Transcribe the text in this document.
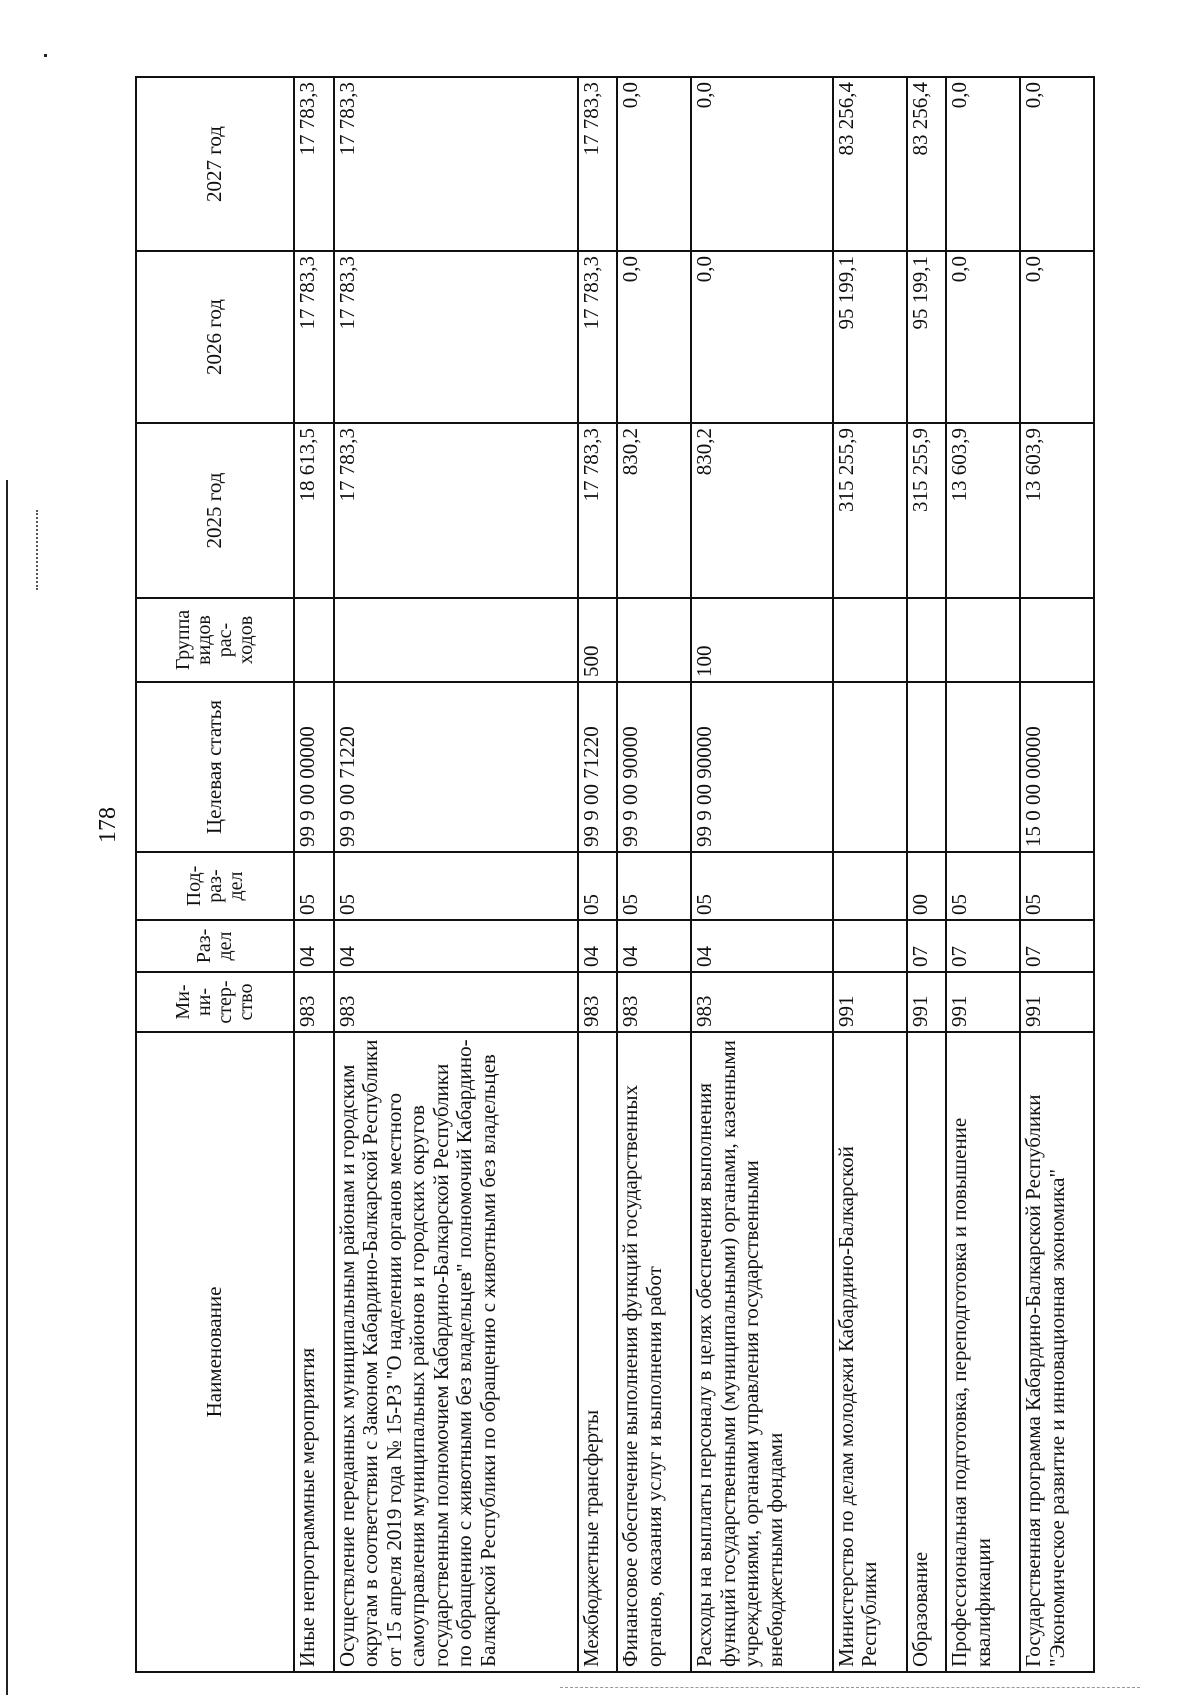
178
Наименование	Ми-ни-стер-ство	Раз-дел	Под-раз-дел	Целевая статья	Группа видов рас-ходов	2025 год	2026 год	2027 год
Иные непрограммные мероприятия	983	04	05	99 9 00 00000		18 613,5	17 783,3	17 783,3
Осуществление переданных муниципальным районам и городским округам в соответствии с Законом Кабардино-Балкарской Республики от 15 апреля 2019 года № 15-РЗ "О наделении органов местного самоуправления муниципальных районов и городских округов государственным полномочием Кабардино-Балкарской Республики по обращению с животными без владельцев" полномочий Кабардино-Балкарской Республики по обращению с животными без владельцев	983	04	05	99 9 00 71220		17 783,3	17 783,3	17 783,3
Межбюджетные трансферты	983	04	05	99 9 00 71220	500	17 783,3	17 783,3	17 783,3
Финансовое обеспечение выполнения функций государственных органов, оказания услуг и выполнения работ	983	04	05	99 9 00 90000		830,2	0,0	0,0
Расходы на выплаты персоналу в целях обеспечения выполнения функций государственными (муниципальными) органами, казенными учреждениями, органами управления государственными внебюджетными фондами	983	04	05	99 9 00 90000	100	830,2	0,0	0,0
Министерство по делам молодежи Кабардино-Балкарской Республики	991					315 255,9	95 199,1	83 256,4
Образование	991	07	00			315 255,9	95 199,1	83 256,4
Профессиональная подготовка, переподготовка и повышение квалификации	991	07	05			13 603,9	0,0	0,0
Государственная программа Кабардино-Балкарской Республики "Экономическое развитие и инновационная экономика"	991	07	05	15 0 00 00000		13 603,9	0,0	0,0
